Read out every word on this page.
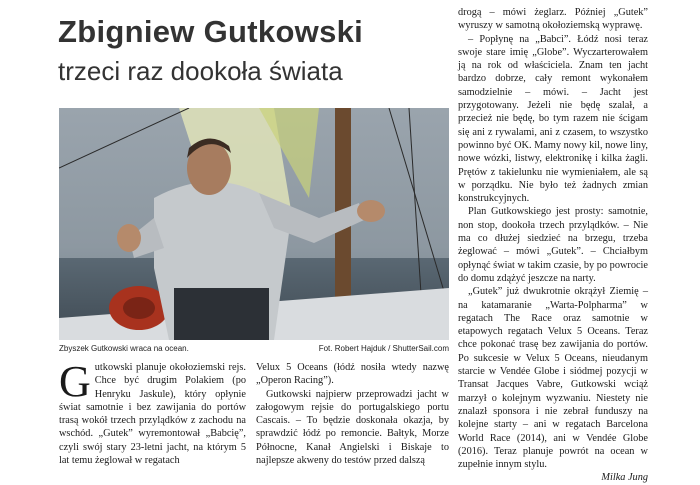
Zbigniew Gutkowski
trzeci raz dookoła świata
Zbyszek Gutkowski wraca na ocean.	Fot. Robert Hajduk / ShutterSail.com
G utkowski planuje okołoziemski rejs. Chce być drugim Polakiem (po Henryku Jaskule), który opłynie świat samotnie i bez zawijania do portów trasą wokół trzech przylądków z zachodu na wschód. „Gutek” wyremontował „Babcię”, czyli swój stary 23-letni jacht, na którym 5 lat temu żeglował w regatach

Velux 5 Oceans (łódź nosiła wtedy nazwę „Operon Racing”).

Gutkowski najpierw przeprowadzi jacht w załogowym rejsie do portugalskiego portu Cascais. – To będzie doskonała okazja, by sprawdzić łódź po remoncie. Bałtyk, Morze Północne, Kanał Angielski i Biskaje to najlepsze akweny do testów przed dalszą

drogą – mówi żeglarz. Później „Gutek” wyruszy w samotną okołoziemską wyprawę.

– Popłynę na „Babci”. Łódź nosi teraz swoje stare imię „Globe”. Wyczarterowałem ją na rok od właściciela. Znam ten jacht bardzo dobrze, cały remont wykonałem samodzielnie – mówi. – Jacht jest przygotowany. Jeżeli nie będę szalał, a przecież nie będę, bo tym razem nie ścigam się ani z rywalami, ani z czasem, to wszystko powinno być OK. Mamy nowy kil, nowe liny, nowe wózki, listwy, elektronikę i kilka żagli. Prętów z takielunku nie wymieniałem, ale są w porządku. Nie było też żadnych zmian konstrukcyjnych.

Plan Gutkowskiego jest prosty: samotnie, non stop, dookoła trzech przylądków. – Nie ma co dłużej siedzieć na brzegu, trzeba żeglować – mówi „Gutek”. – Chciałbym opłynąć świat w takim czasie, by po powrocie do domu zdążyć jeszcze na narty.

„Gutek” już dwukrotnie okrążył Ziemię – na katamaranie „Warta-Polpharma” w regatach The Race oraz samotnie w etapowych regatach Velux 5 Oceans. Teraz chce pokonać trasę bez zawijania do portów. Po sukcesie w Velux 5 Oceans, nieudanym starcie w Vendée Globe i siódmej pozycji w Transat Jacques Vabre, Gutkowski wciąż marzył o kolejnym wyzwaniu. Niestety nie znalazł sponsora i nie zebrał funduszy na kolejne starty – ani w regatach Barcelona World Race (2014), ani w Vendée Globe (2016). Teraz planuje powrót na ocean w zupełnie innym stylu.

Milka Jung
